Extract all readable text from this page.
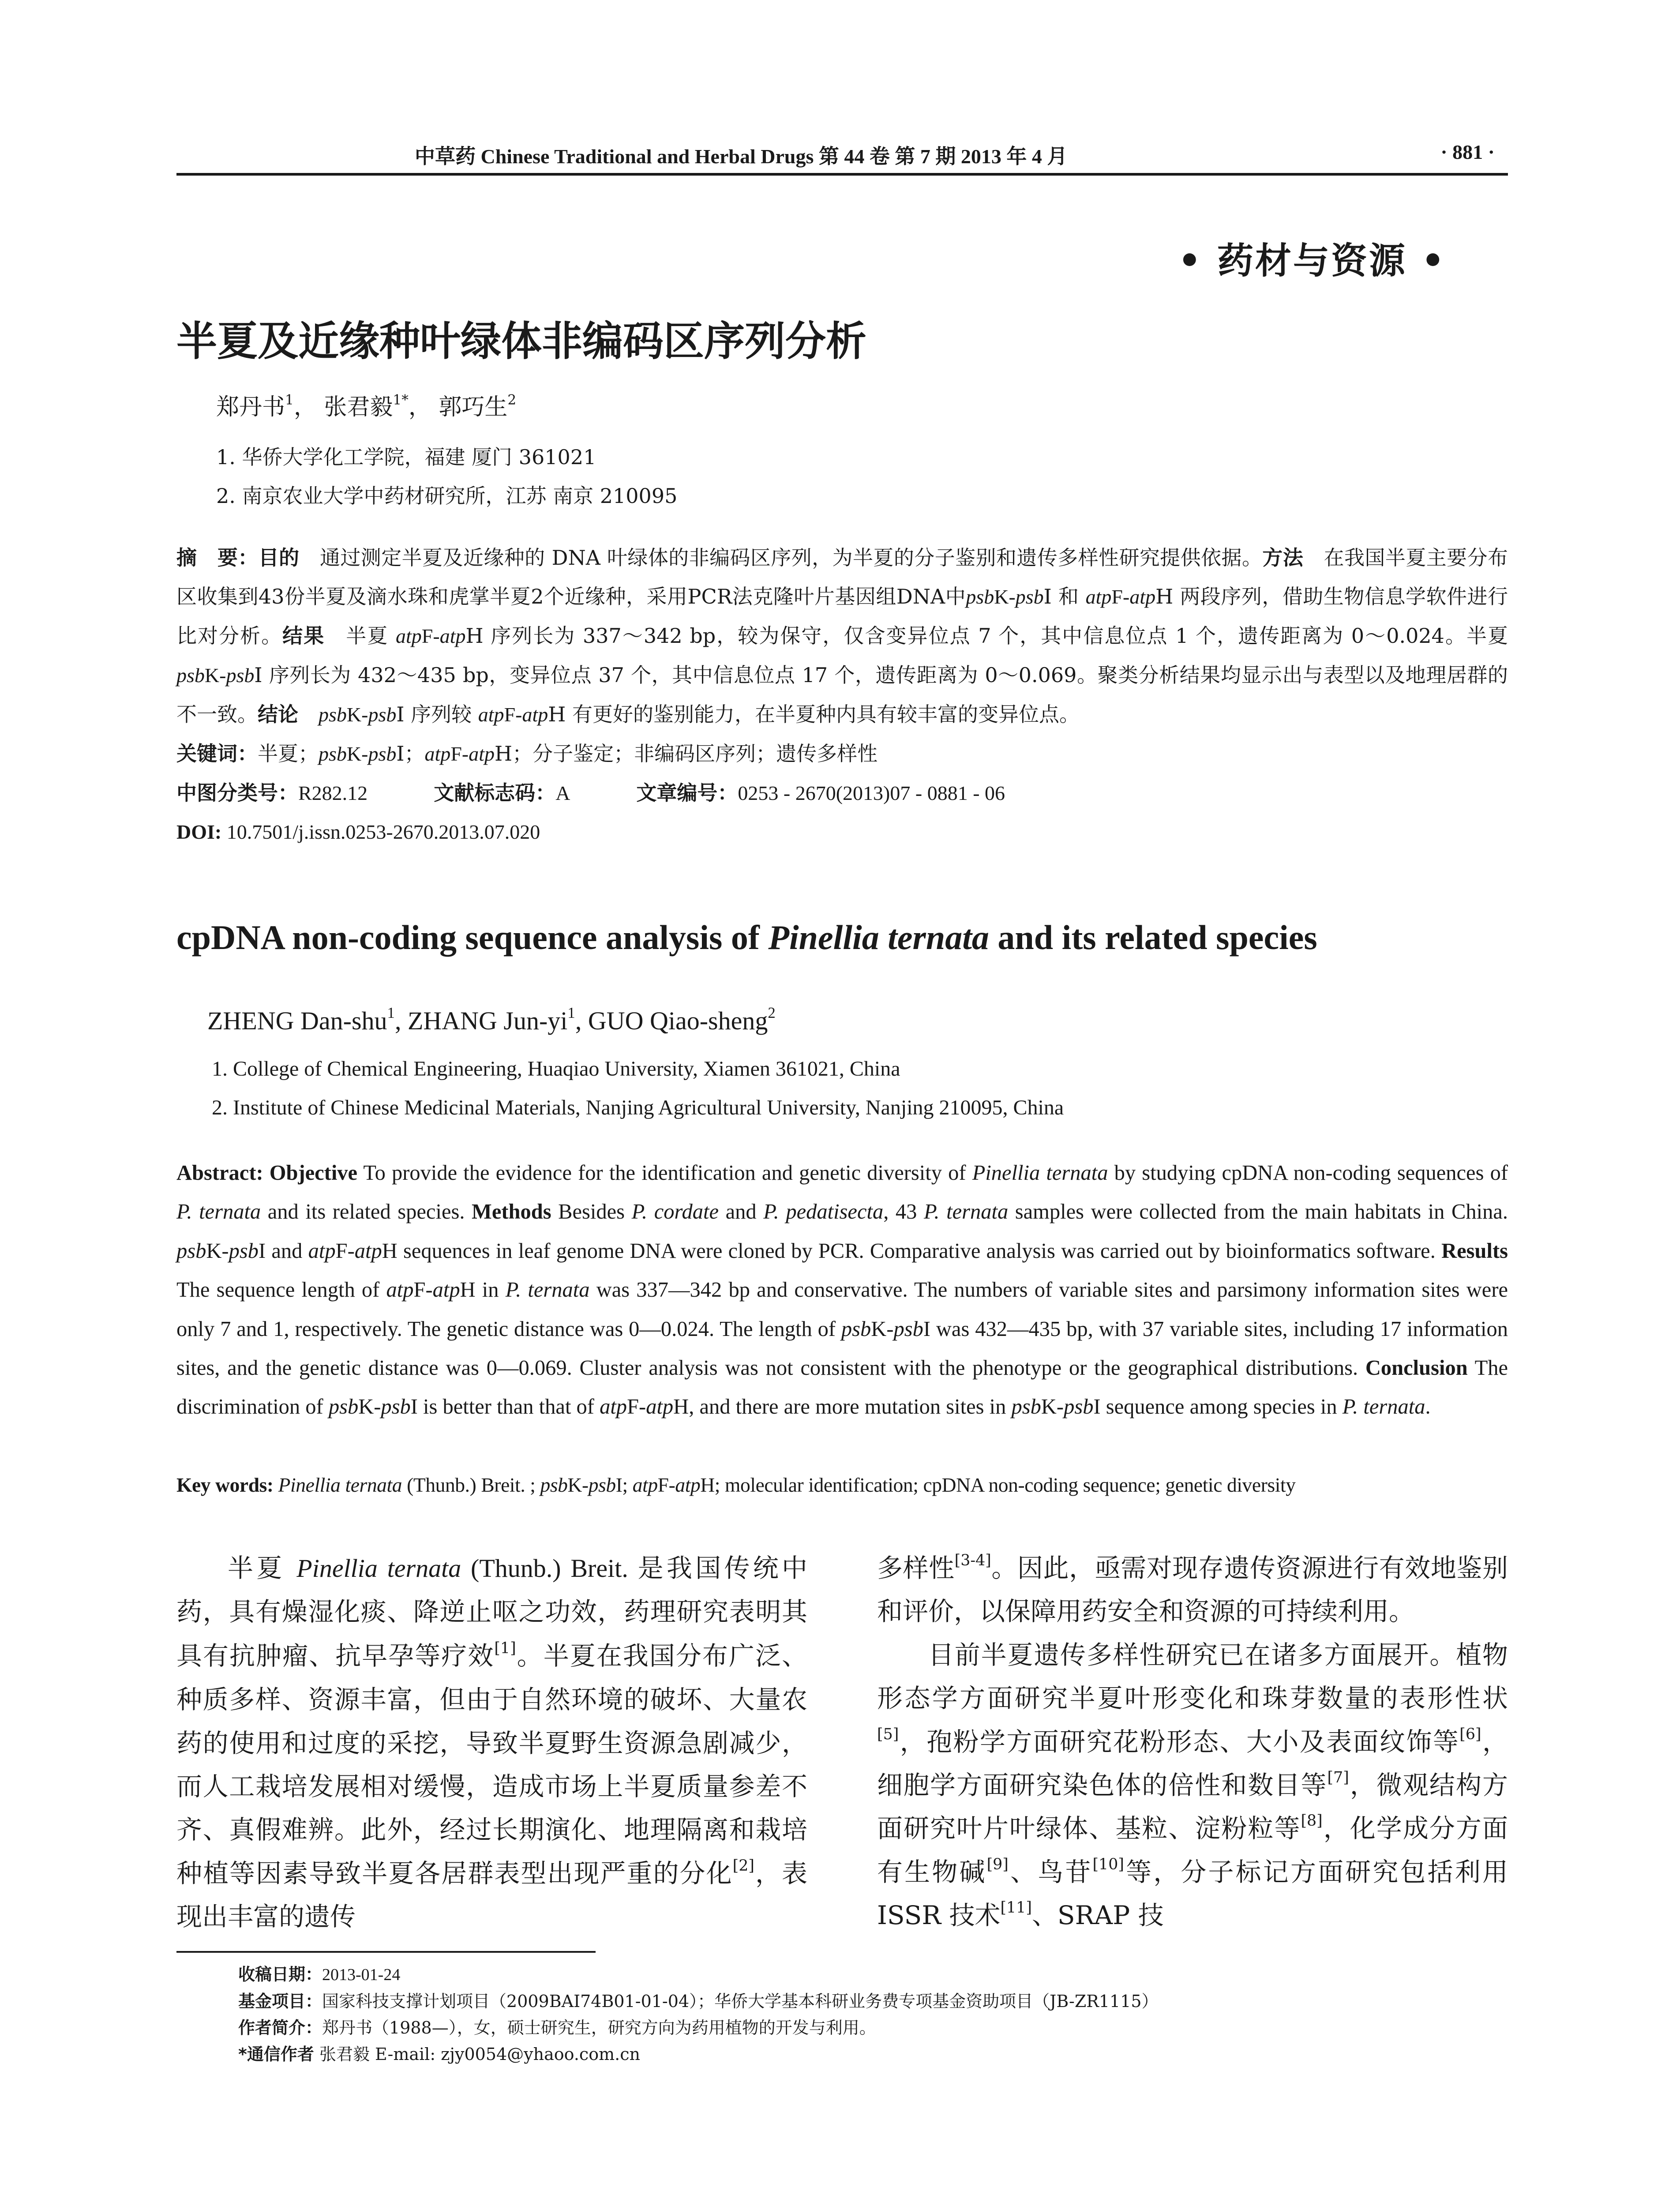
中草药 Chinese Traditional and Herbal Drugs 第 44 卷 第 7 期 2013 年 4 月	· 881 ·
• 药材与资源 •
半夏及近缘种叶绿体非编码区序列分析
郑丹书$^1$， 张君毅$^{1*}$， 郭巧生$^2$
1. 华侨大学化工学院，福建 厦门 361021
2. 南京农业大学中药材研究所，江苏 南京 210095

摘　要：目的　通过测定半夏及近缘种的 DNA 叶绿体的非编码区序列，为半夏的分子鉴别和遗传多样性研究提供依据。方法　在我国半夏主要分布区收集到43份半夏及滴水珠和虎掌半夏2个近缘种，采用PCR法克隆叶片基因组DNA中psbK-psbI 和 atpF-atpH 两段序列，借助生物信息学软件进行比对分析。结果　半夏 atpF-atpH 序列长为 337～342 bp，较为保守，仅含变异位点 7 个，其中信息位点 1 个，遗传距离为 0～0.024。半夏 psbK-psbI 序列长为 432～435 bp，变异位点 37 个，其中信息位点 17 个，遗传距离为 0～0.069。聚类分析结果均显示出与表型以及地理居群的不一致。结论　psbK-psbI 序列较 atpF-atpH 有更好的鉴别能力，在半夏种内具有较丰富的变异位点。

关键词：半夏；psbK-psbI；atpF-atpH；分子鉴定；非编码区序列；遗传多样性

中图分类号：R282.12	文献标志码：A	文章编号：0253 - 2670(2013)07 - 0881 - 06

DOI: 10.7501/j.issn.0253-2670.2013.07.020

cpDNA non-coding sequence analysis of Pinellia ternata and its related species
ZHENG Dan-shu$^1$, ZHANG Jun-$yi^1$, GUO Qiao-sheng$^2$
1. College of Chemical Engineering, Huaqiao University, Xiamen 361021, China
2. Institute of Chinese Medicinal Materials, Nanjing Agricultural University, Nanjing 210095, China

Abstract: Objective To provide the evidence for the identification and genetic diversity of Pinellia ternata by studying cpDNA non-coding sequences of P. ternata and its related species. Methods Besides P. cordate and P. pedatisecta, 43 P. ternata samples were collected from the main habitats in China. psbK-psbI and atpF-atpH sequences in leaf genome DNA were cloned by PCR. Comparative analysis was carried out by bioinformatics software. Results The sequence length of atpF-atpH in P. ternata was 337—342 bp and conservative. The numbers of variable sites and parsimony information sites were only 7 and 1, respectively. The genetic distance was 0—0.024. The length of psbK-psbI was 432—435 bp, with 37 variable sites, including 17 information sites, and the genetic distance was 0—0.069. Cluster analysis was not consistent with the phenotype or the geographical distributions. Conclusion The discrimination of psbK-psbI is better than that of atpF-atpH, and there are more mutation sites in psbK-psbI sequence among species in P. ternata.

Key words: Pinellia ternata (Thunb.) Breit. ; psbK-psbI; atpF-atpH; molecular identification; cpDNA non-coding sequence; genetic diversity

半夏 Pinellia ternata (Thunb.) Breit. 是我国传统中药，具有燥湿化痰、降逆止呕之功效，药理研究表明其具有抗肿瘤、抗早孕等疗效[1]。半夏在我国分布广泛、种质多样、资源丰富，但由于自然环境的破坏、大量农药的使用和过度的采挖，导致半夏野生资源急剧减少，而人工栽培发展相对缓慢，造成市场上半夏质量参差不齐、真假难辨。此外，经过长期演化、地理隔离和栽培种植等因素导致半夏各居群表型出现严重的分化[2]，表现出丰富的遗传

多样性[3-4]。因此，亟需对现存遗传资源进行有效地鉴别和评价，以保障用药安全和资源的可持续利用。
目前半夏遗传多样性研究已在诸多方面展开。植物形态学方面研究半夏叶形变化和珠芽数量的表形性状[5]，孢粉学方面研究花粉形态、大小及表面纹饰等[6]，细胞学方面研究染色体的倍性和数目等[7]，微观结构方面研究叶片叶绿体、基粒、淀粉粒等[8]，化学成分方面有生物碱[9]、鸟苷[10]等，分子标记方面研究包括利用 ISSR 技术[11]、SRAP 技

收稿日期：2013-01-24
基金项目：国家科技支撑计划项目（2009BAI74B01-01-04）；华侨大学基本科研业务费专项基金资助项目（JB-ZR1115）
作者简介：郑丹书（1988—），女，硕士研究生，研究方向为药用植物的开发与利用。
*通信作者 张君毅 E-mail: zjy0054@yhaoo.com.cn
